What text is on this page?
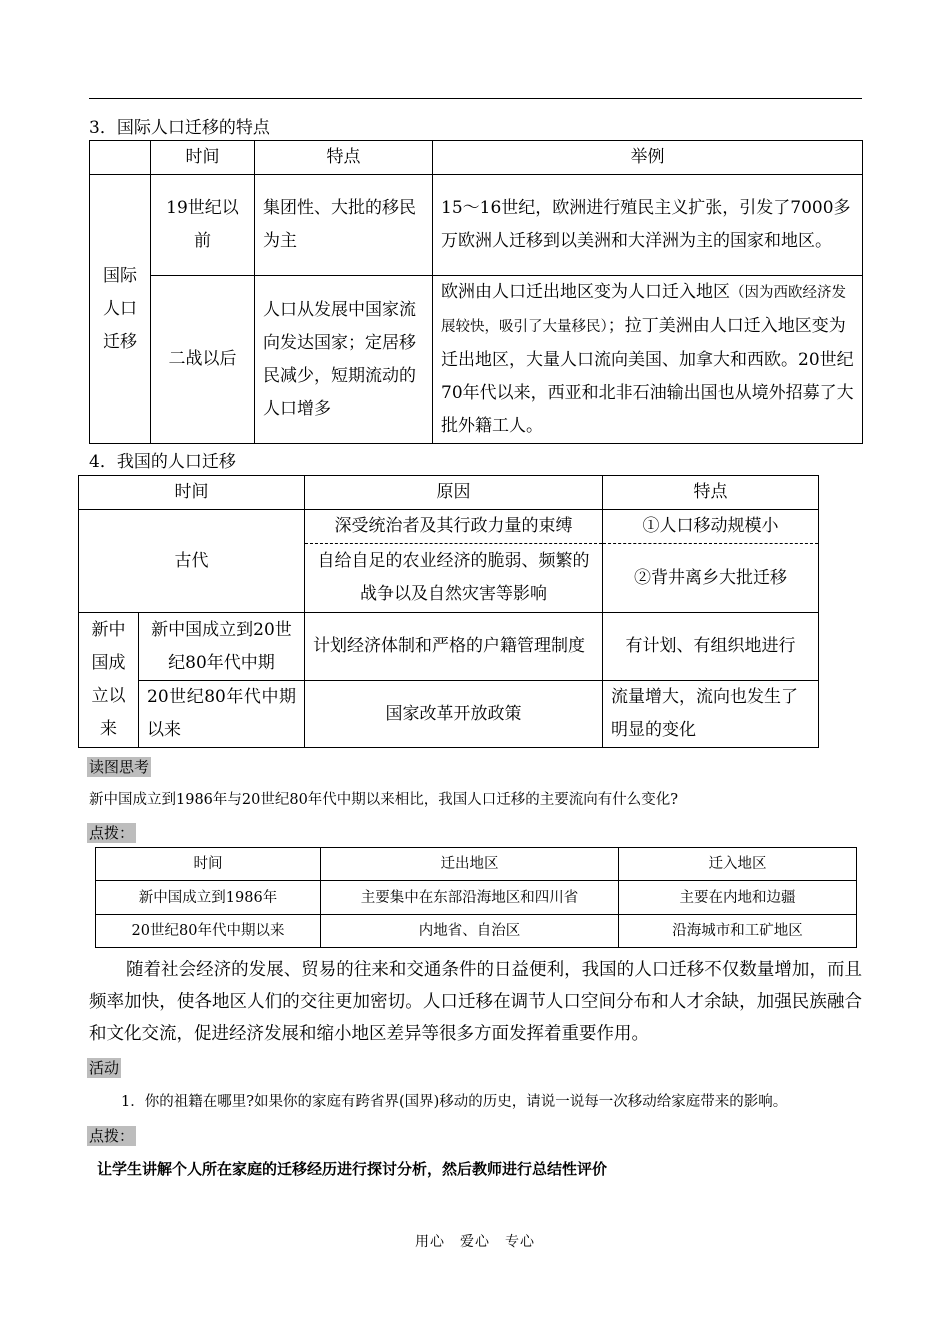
3．国际人口迁移的特点
	时间	特点	举例
国际人口迁移	19世纪以前	集团性、大批的移民为主	15～16世纪，欧洲进行殖民主义扩张，引发了7000多万欧洲人迁移到以美洲和大洋洲为主的国家和地区。
	二战以后	人口从发展中国家流向发达国家；定居移民减少，短期流动的人口增多	欧洲由人口迁出地区变为人口迁入地区（因为西欧经济发展较快，吸引了大量移民）；拉丁美洲由人口迁入地区变为迁出地区，大量人口流向美国、加拿大和西欧。20世纪70年代以来，西亚和北非石油输出国也从境外招募了大批外籍工人。
4．我国的人口迁移
时间		原因	特点
古代		深受统治者及其行政力量的束缚	①人口移动规模小
		自给自足的农业经济的脆弱、频繁的战争以及自然灾害等影响	②背井离乡大批迁移
新中国成立以来	新中国成立到20世纪80年代中期	计划经济体制和严格的户籍管理制度	有计划、有组织地进行
	20世纪80年代中期以来	国家改革开放政策	流量增大，流向也发生了明显的变化
读图思考
新中国成立到1986年与20世纪80年代中期以来相比，我国人口迁移的主要流向有什么变化?
点拨：
时间	迁出地区	迁入地区
新中国成立到1986年	主要集中在东部沿海地区和四川省	主要在内地和边疆
20世纪80年代中期以来	内地省、自治区	沿海城市和工矿地区
随着社会经济的发展、贸易的往来和交通条件的日益便利，我国的人口迁移不仅数量增加，而且频率加快，使各地区人们的交往更加密切。人口迁移在调节人口空间分布和人才余缺，加强民族融合和文化交流，促进经济发展和缩小地区差异等很多方面发挥着重要作用。
活动
1．你的祖籍在哪里?如果你的家庭有跨省界(国界)移动的历史，请说一说每一次移动给家庭带来的影响。
点拨：
让学生讲解个人所在家庭的迁移经历进行探讨分析，然后教师进行总结性评价
用心　爱心　专心
